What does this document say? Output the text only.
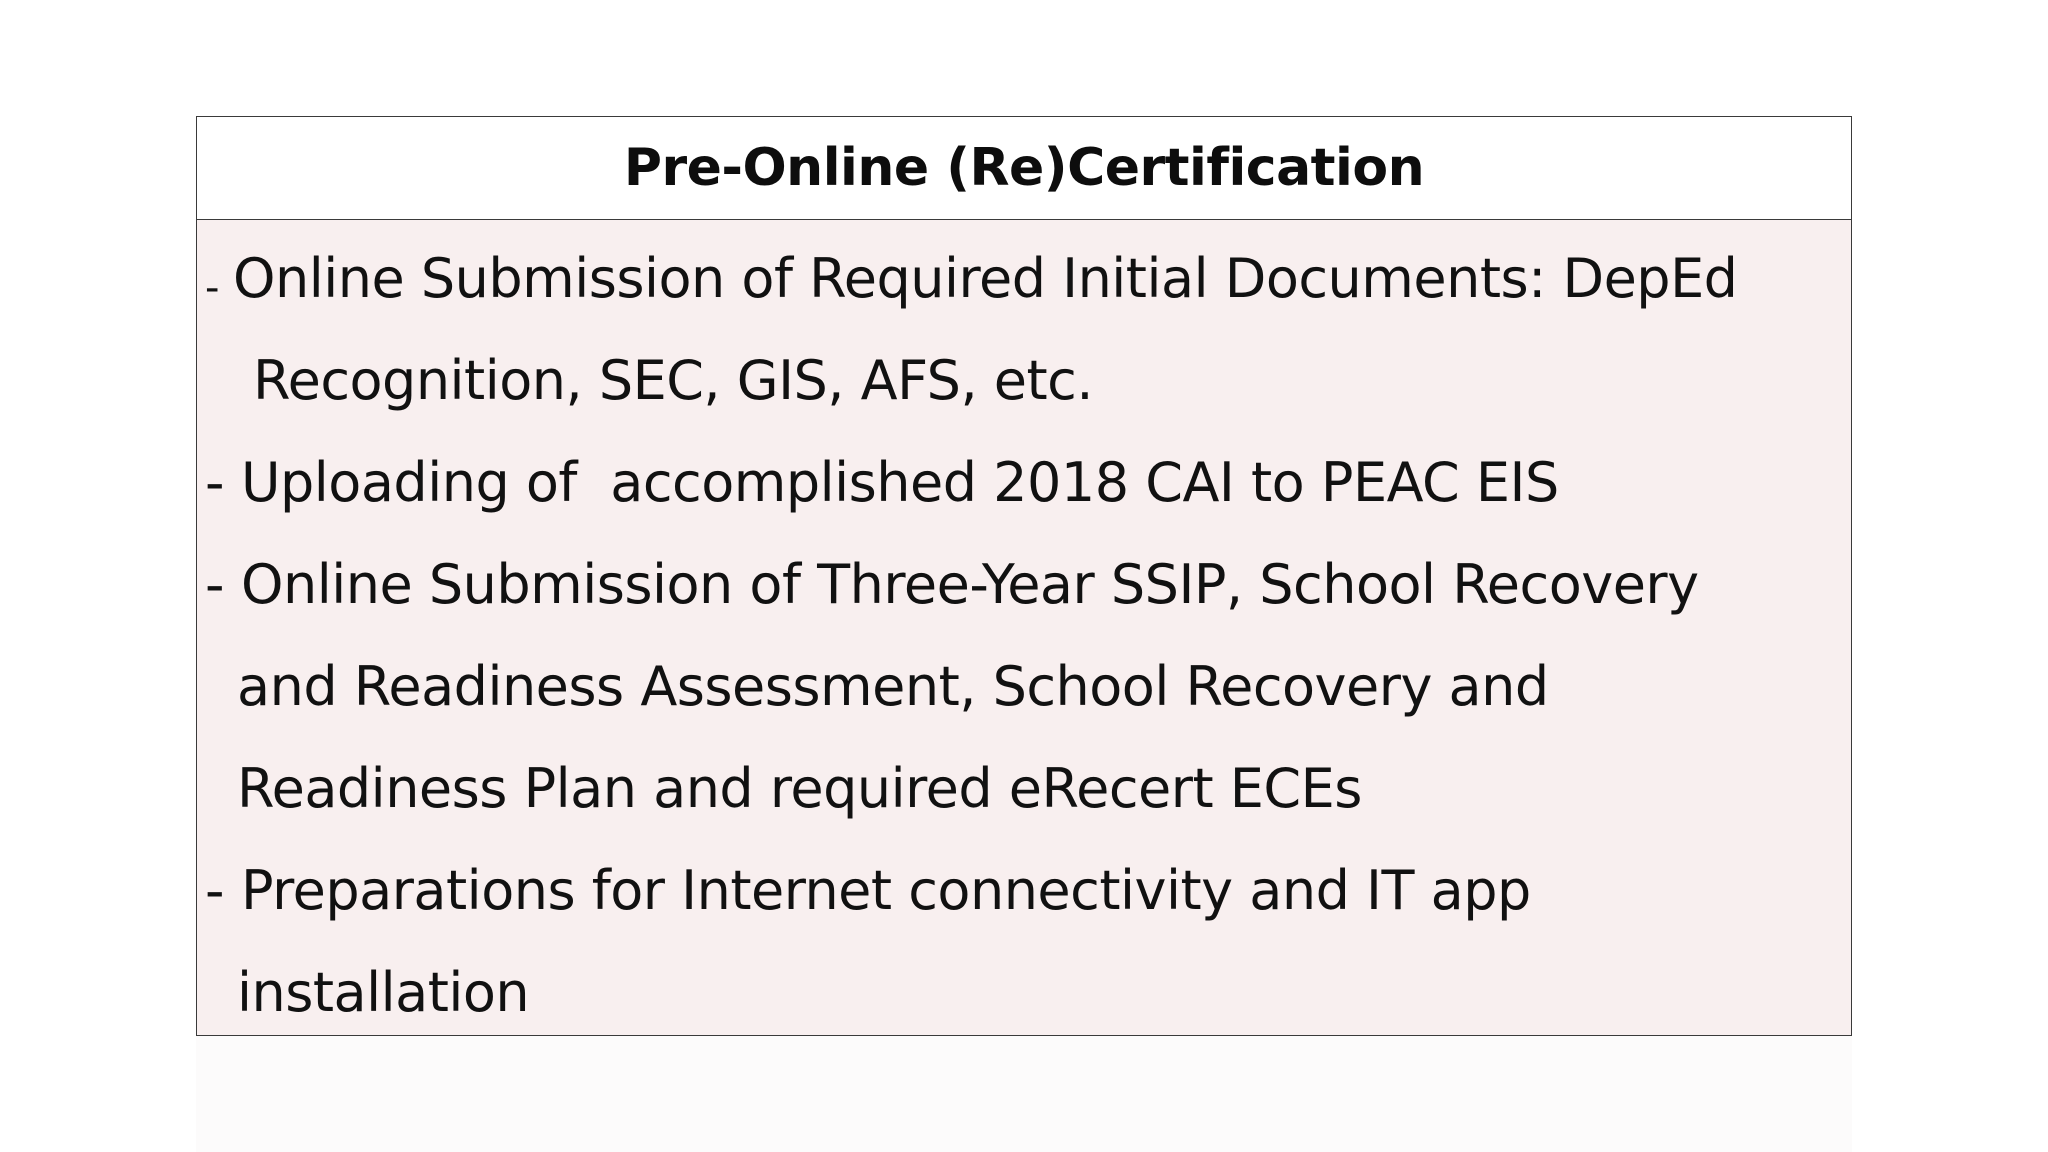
Pre-Online (Re)Certification
- Online Submission of Required Initial Documents: DepEd
Recognition, SEC, GIS, AFS, etc.
- Uploading of  accomplished 2018 CAI to PEAC EIS
- Online Submission of Three-Year SSIP, School Recovery
and Readiness Assessment, School Recovery and
Readiness Plan and required eRecert ECEs
- Preparations for Internet connectivity and IT app
installation
